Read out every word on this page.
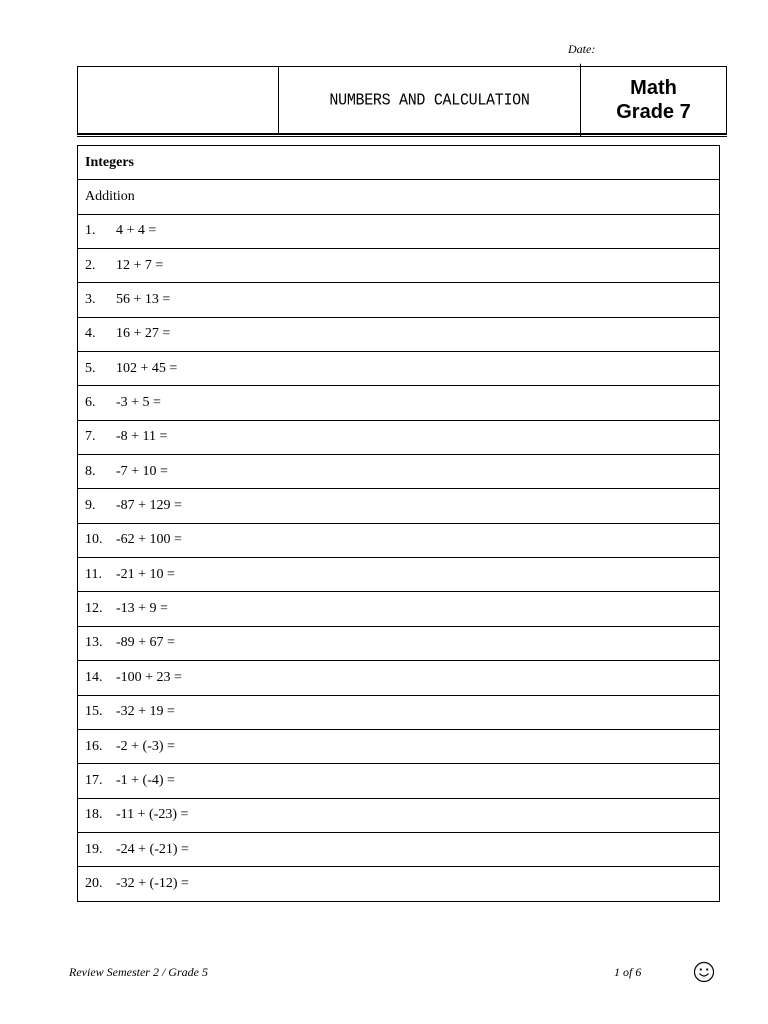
Date:
NUMBERS AND CALCULATION
Math
Grade 7
Integers
Addition
1.	4 + 4 =
2.	12 + 7 =
3.	56 + 13 =
4.	16 + 27 =
5.	102 + 45 =
6.	-3 + 5 =
7.	-8 + 11 =
8.	-7 + 10 =
9.	-87 + 129 =
10. -62 + 100 =
11.	-21 + 10 =
12. -13 + 9 =
13. -89 + 67 =
14. -100 + 23 =
15. -32 + 19 =
16. -2 + (-3) =
17. -1 + (-4) =
18. -11 + (-23) =
19. -24 + (-21) =
20. -32 + (-12) =
Review Semester 2 / Grade 5	1 of 6
